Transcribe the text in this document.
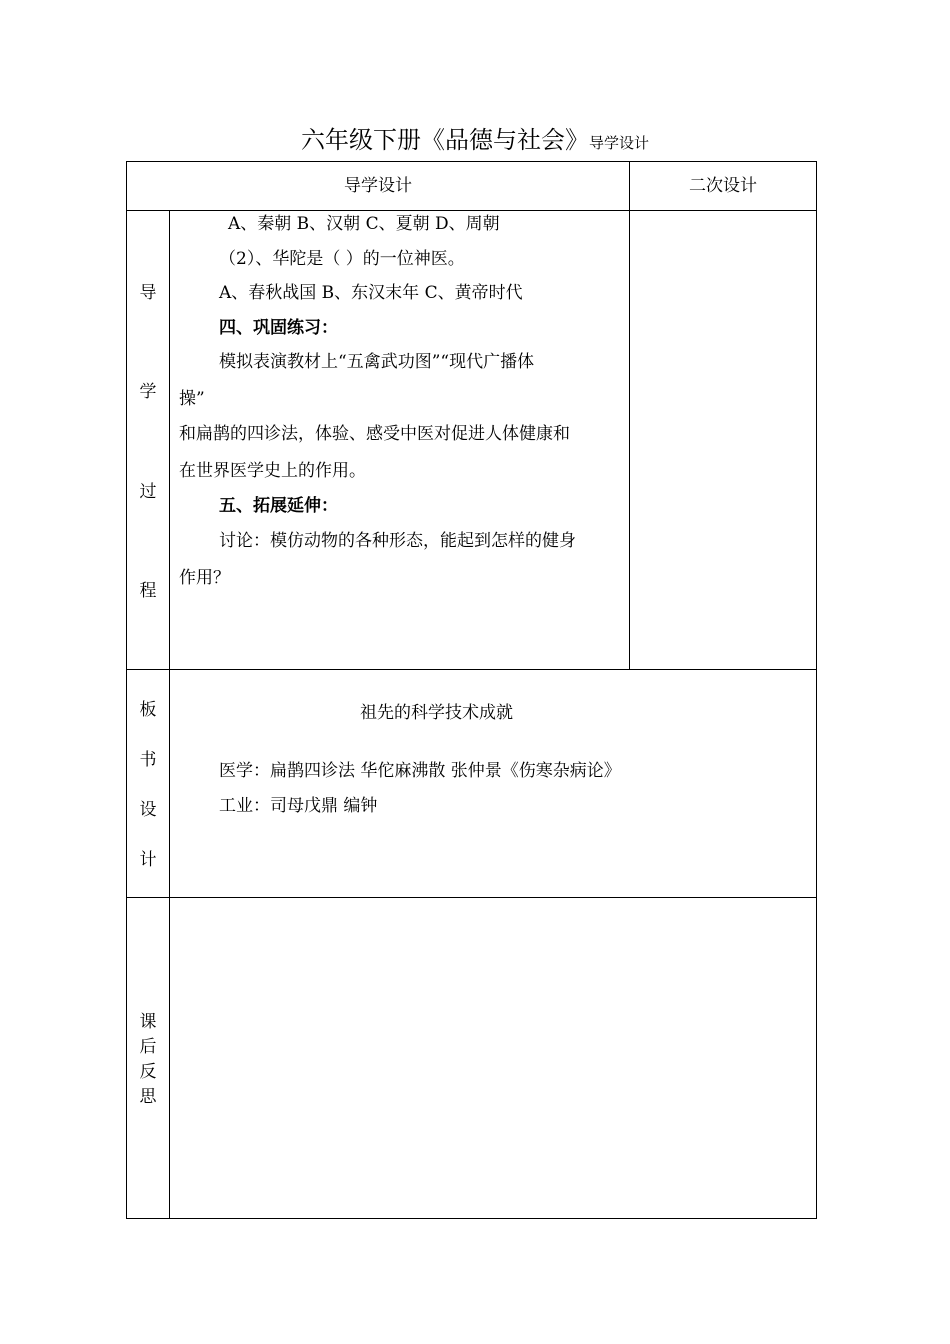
六年级下册《品德与社会》导学设计
导学设计	二次设计
导
学
过
程
A、秦朝 B、汉朝 C、夏朝 D、周朝
（2）、华陀是（ ）的一位神医。
A、春秋战国 B、东汉末年 C、黄帝时代
四、巩固练习：
模拟表演教材上“五禽武功图”“现代广播体
操”
和扁鹊的四诊法，体验、感受中医对促进人体健康和
在世界医学史上的作用。
五、拓展延伸：
讨论：模仿动物的各种形态，能起到怎样的健身
作用？
板
书
设
计
祖先的科学技术成就
医学：扁鹊四诊法 华佗麻沸散 张仲景《伤寒杂病论》
工业：司母戊鼎 编钟
课
后
反
思
